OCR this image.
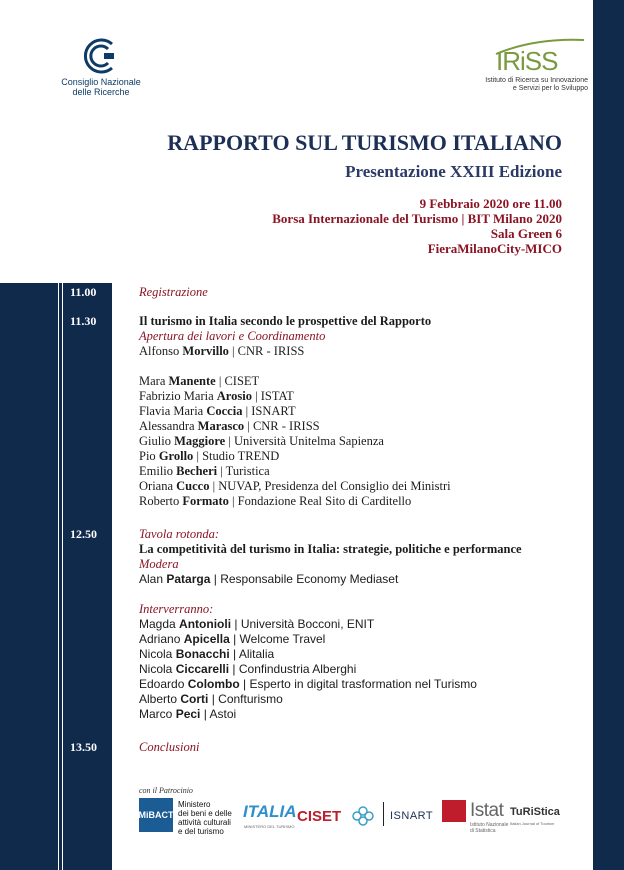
11.00
11.30
12.50
13.50
Consiglio Nazionale
delle Ricerche
IRiSS
Istituto di Ricerca su Innovazione
e Servizi per lo Sviluppo
RAPPORTO SUL TURISMO ITALIANO
Presentazione XXIII Edizione
9 Febbraio 2020 ore 11.00
Borsa Internazionale del Turismo | BIT Milano 2020
Sala Green 6
FieraMilanoCity-MICO
Registrazione
Il turismo in Italia secondo le prospettive del Rapporto
Apertura dei lavori e Coordinamento
Alfonso Morvillo | CNR - IRISS
Mara Manente | CISET
Fabrizio Maria Arosio | ISTAT
Flavia Maria Coccia | ISNART
Alessandra Marasco | CNR - IRISS
Giulio Maggiore | Università Unitelma Sapienza
Pio Grollo | Studio TREND
Emilio Becheri | Turistica
Oriana Cucco | NUVAP, Presidenza del Consiglio dei Ministri
Roberto Formato | Fondazione Real Sito di Carditello
Tavola rotonda:
La competitività del turismo in Italia: strategie, politiche e performance
Modera
Alan Patarga | Responsabile Economy Mediaset
Interverranno:
Magda Antonioli | Università Bocconi, ENIT
Adriano Apicella | Welcome Travel
Nicola Bonacchi | Alitalia
Nicola Ciccarelli | Confindustria Alberghi
Edoardo Colombo | Esperto in digital trasformation nel Turismo
Alberto Corti | Confturismo
Marco Peci | Astoi
Conclusioni
con il Patrocinio
MiBACT
Ministero
dei beni e delle
attività culturali
e del turismo
ITALIA
MINISTERO DEL TURISMO
CISET	ISNART Istat
Istituto Nazionale
di Statistica
TuRiStica
Italian Journal of Tourism
